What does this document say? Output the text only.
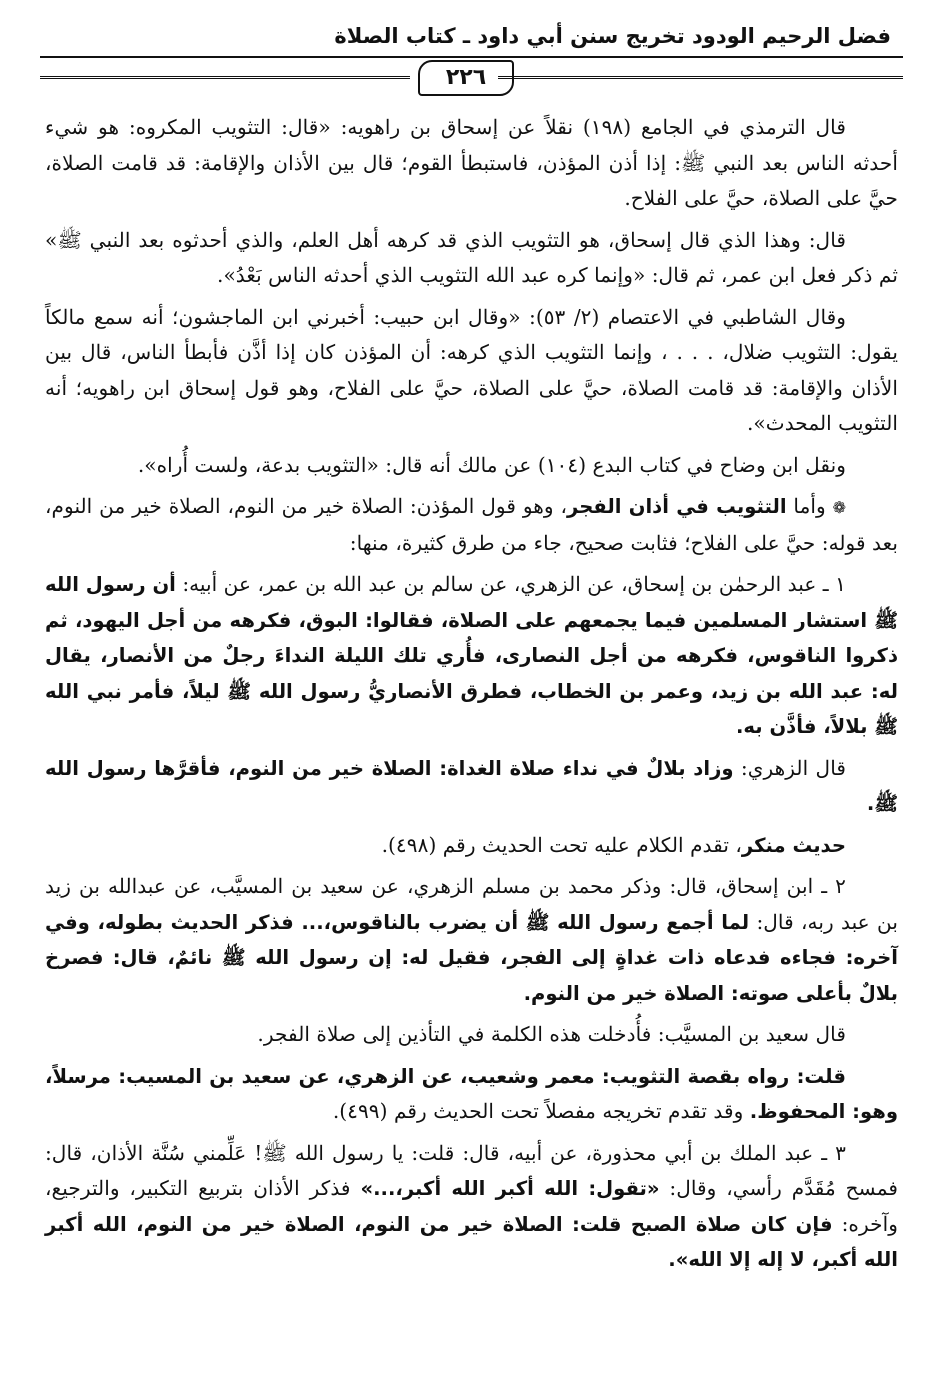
فضل الرحيم الودود تخريج سنن أبي داود ـ كتاب الصلاة
٢٢٦

قال الترمذي في الجامع (١٩٨) نقلاً عن إسحاق بن راهويه: «قال: التثويب المكروه: هو شيء أحدثه الناس بعد النبي ﷺ: إذا أذن المؤذن، فاستبطأ القوم؛ قال بين الأذان والإقامة: قد قامت الصلاة، حيَّ على الصلاة، حيَّ على الفلاح.

قال: وهذا الذي قال إسحاق، هو التثويب الذي قد كرهه أهل العلم، والذي أحدثوه بعد النبي ﷺ» ثم ذكر فعل ابن عمر، ثم قال: «وإنما كره عبد الله التثويب الذي أحدثه الناس بَعْدُ».

وقال الشاطبي في الاعتصام (٢/ ٥٣): «وقال ابن حبيب: أخبرني ابن الماجشون؛ أنه سمع مالكاً يقول: التثويب ضلال، . . . ، وإنما التثويب الذي كرهه: أن المؤذن كان إذا أذَّن فأبطأ الناس، قال بين الأذان والإقامة: قد قامت الصلاة، حيَّ على الصلاة، حيَّ على الفلاح، وهو قول إسحاق ابن راهويه؛ أنه التثويب المحدث».

ونقل ابن وضاح في كتاب البدع (١٠٤) عن مالك أنه قال: «التثويب بدعة، ولست أُراه».

❁ وأما التثويب في أذان الفجر، وهو قول المؤذن: الصلاة خير من النوم، الصلاة خير من النوم، بعد قوله: حيَّ على الفلاح؛ فثابت صحيح، جاء من طرق كثيرة، منها:

١ ـ عبد الرحمٰن بن إسحاق، عن الزهري، عن سالم بن عبد الله بن عمر، عن أبيه: أن رسول الله ﷺ استشار المسلمين فيما يجمعهم على الصلاة، فقالوا: البوق، فكرهه من أجل اليهود، ثم ذكروا الناقوس، فكرهه من أجل النصارى، فأُري تلك الليلة النداءَ رجلٌ من الأنصار، يقال له: عبد الله بن زيد، وعمر بن الخطاب، فطرق الأنصاريُّ رسول الله ﷺ ليلاً، فأمر نبي الله ﷺ بلالاً، فأذَّن به.

قال الزهري: وزاد بلالٌ في نداء صلاة الغداة: الصلاة خير من النوم، فأقرَّها رسول الله ﷺ.

حديث منكر، تقدم الكلام عليه تحت الحديث رقم (٤٩٨).

٢ ـ ابن إسحاق، قال: وذكر محمد بن مسلم الزهري، عن سعيد بن المسيَّب، عن عبدالله بن زيد بن عبد ربه، قال: لما أجمع رسول الله ﷺ أن يضرب بالناقوس،... فذكر الحديث بطوله، وفي آخره: فجاءه فدعاه ذات غداةٍ إلى الفجر، فقيل له: إن رسول الله ﷺ نائمٌ، قال: فصرخ بلالٌ بأعلى صوته: الصلاة خير من النوم.

قال سعيد بن المسيَّب: فأُدخلت هذه الكلمة في التأذين إلى صلاة الفجر.

قلت: رواه بقصة التثويب: معمر وشعيب، عن الزهري، عن سعيد بن المسيب: مرسلاً، وهو: المحفوظ. وقد تقدم تخريجه مفصلاً تحت الحديث رقم (٤٩٩).

٣ ـ عبد الملك بن أبي محذورة، عن أبيه، قال: قلت: يا رسول الله ﷺ! عَلِّمني سُنَّة الأذان، قال: فمسح مُقَدَّم رأسي، وقال: «تقول: الله أكبر الله أكبر،...» فذكر الأذان بتربيع التكبير، والترجيع، وآخره: فإن كان صلاة الصبح قلت: الصلاة خير من النوم، الصلاة خير من النوم، الله أكبر الله أكبر، لا إله إلا الله».
